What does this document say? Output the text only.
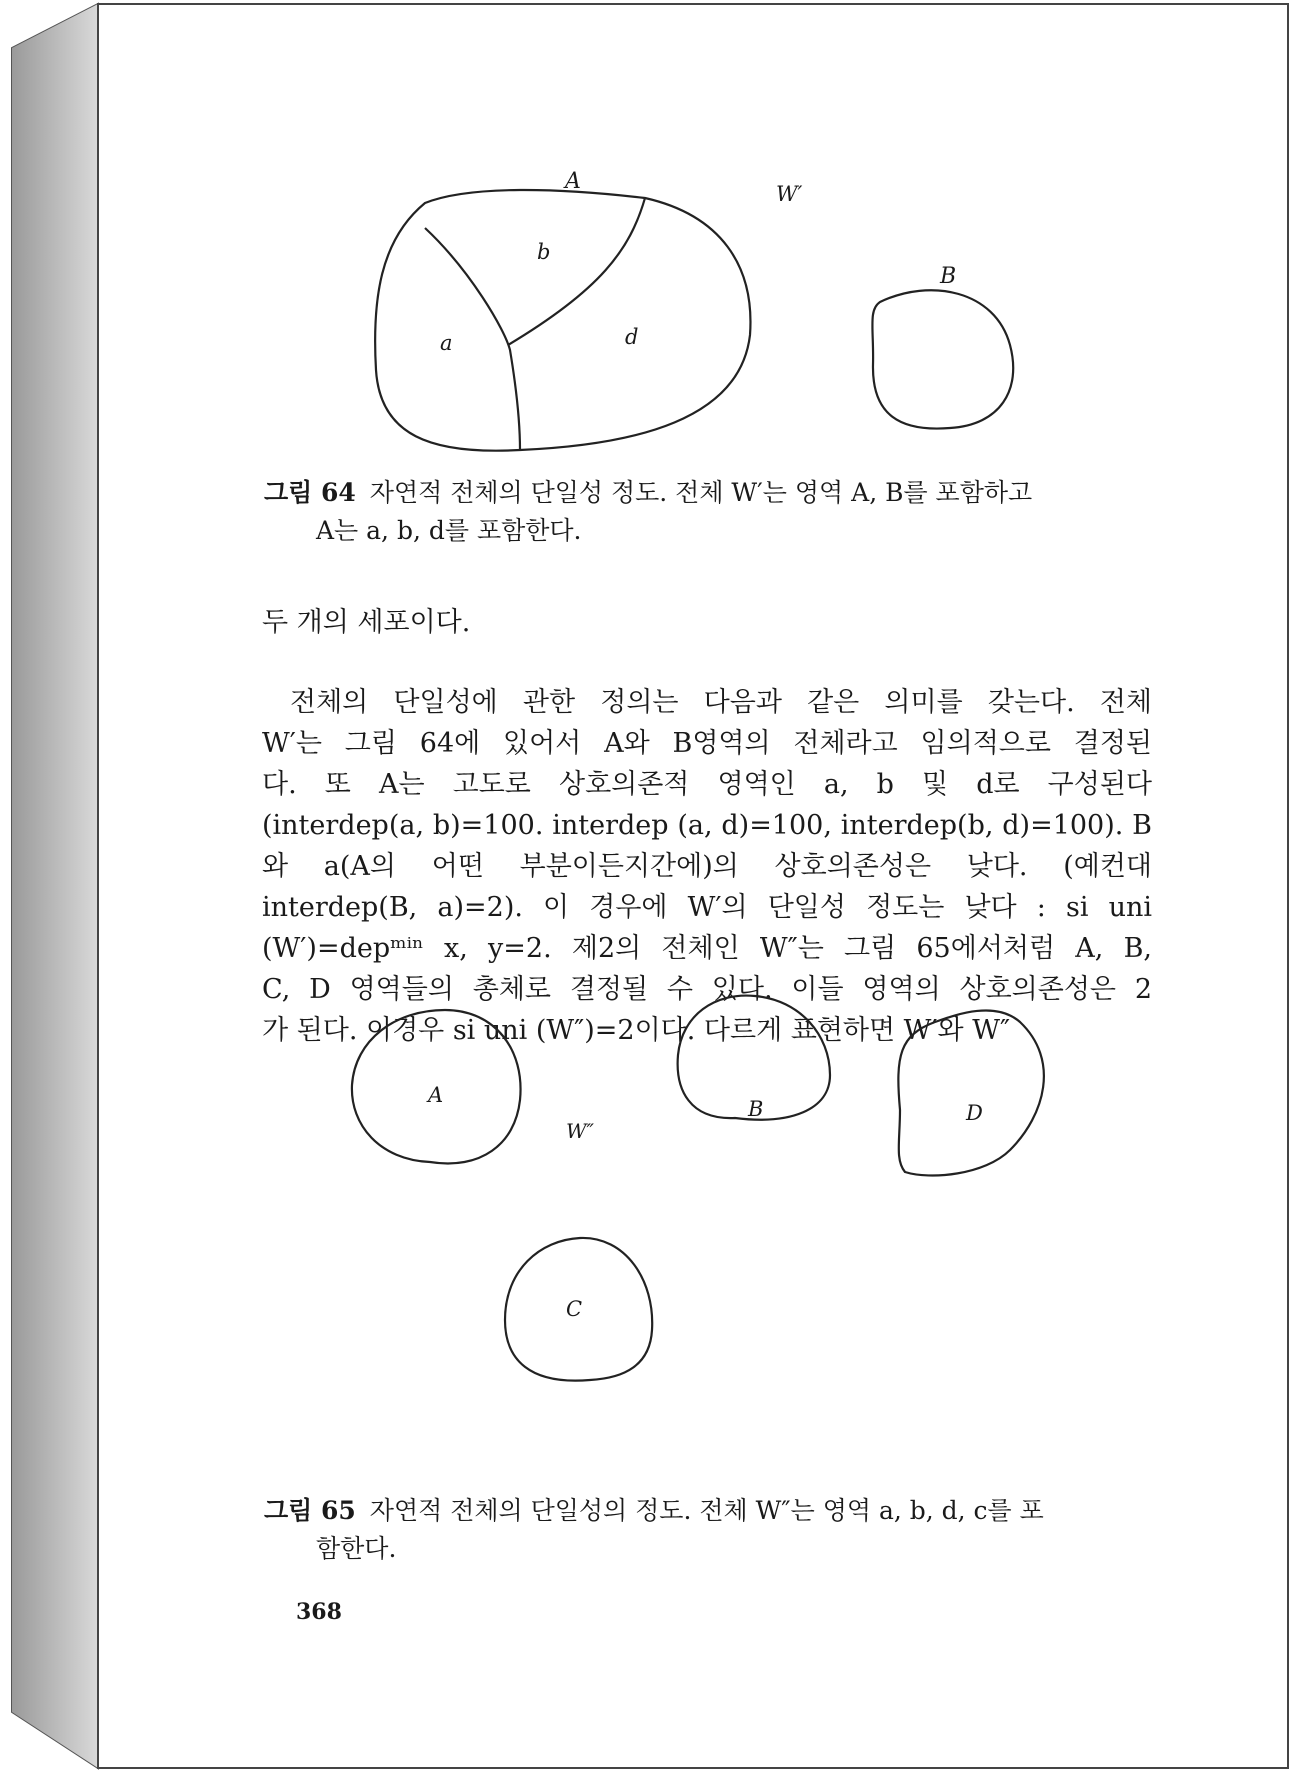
A	W′
b
a	d
B
그림 64 자연적 전체의 단일성 정도. 전체 W′는 영역 A, B를 포함하고
A는 a, b, d를 포함한다.
두 개의 세포이다.
전체의 단일성에 관한 정의는 다음과 같은 의미를 갖는다. 전체
W′는 그림 64에 있어서 A와 B영역의 전체라고 임의적으로 결정된
다. 또 A는 고도로 상호의존적 영역인 a, b 및 d로 구성된다
(interdep(a, b)=100. interdep (a, d)=100, interdep(b, d)=100). B
와 a(A의 어떤 부분이든지간에)의 상호의존성은 낮다. (예컨대
interdep(B, a)=2). 이 경우에 W′의 단일성 정도는 낮다 : si uni
(W′)=depᵐⁱⁿ x, y=2. 제2의 전체인 W″는 그림 65에서처럼 A, B,
C, D 영역들의 총체로 결정될 수 있다. 이들 영역의 상호의존성은 2
가 된다. 이경우 si uni (W″)=2이다. 다르게 표현하면 W′와 W″
W″
A
B	D
C
그림 65 자연적 전체의 단일성의 정도. 전체 W″는 영역 a, b, d, c를 포
함한다.
368
